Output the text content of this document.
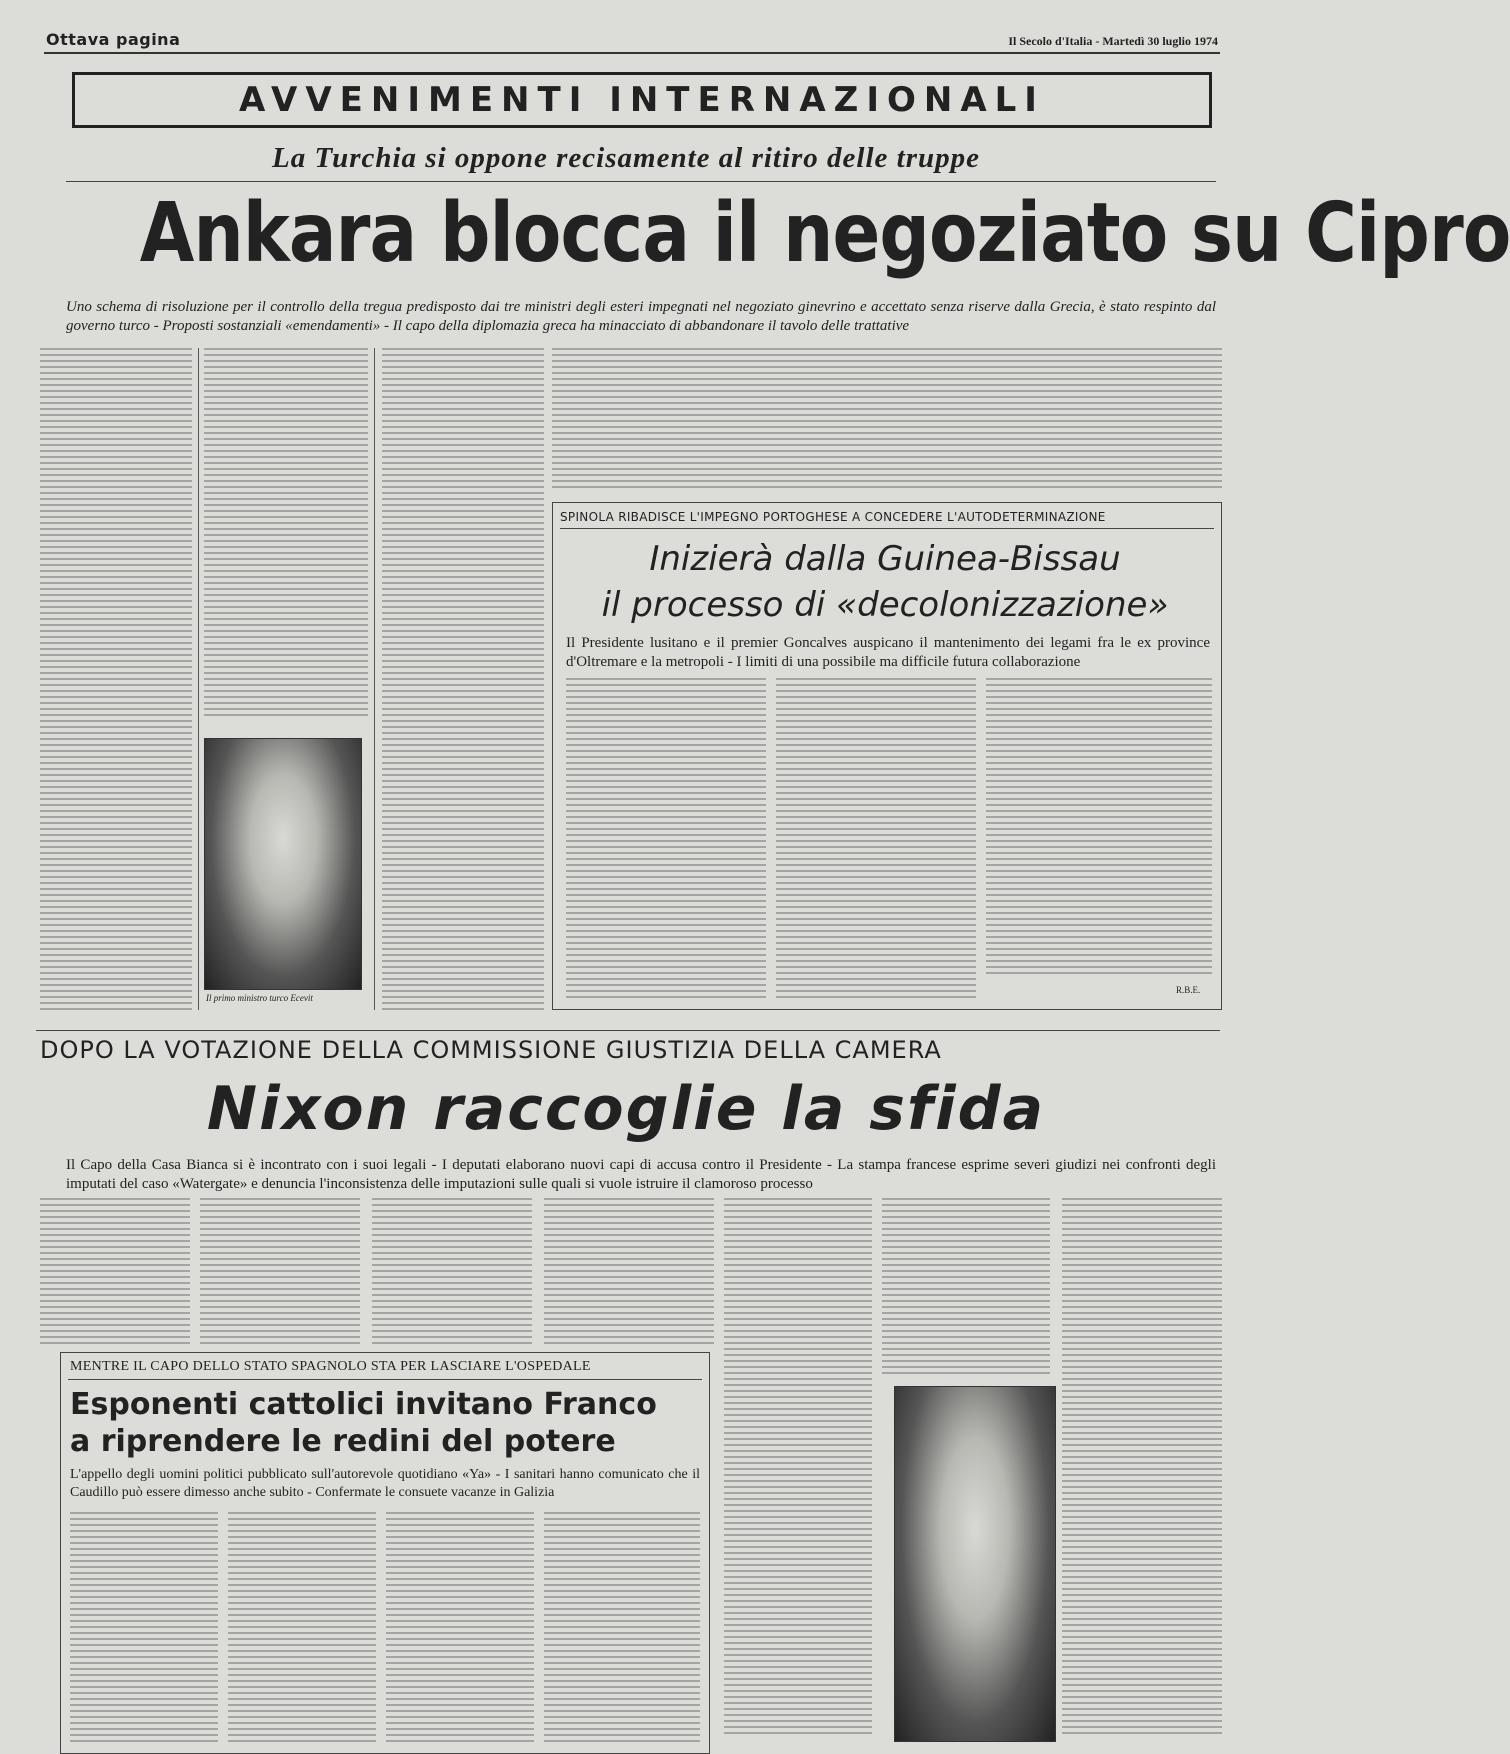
Ottava pagina	Il Secolo d'Italia - Martedì 30 luglio 1974
AVVENIMENTI INTERNAZIONALI
La Turchia si oppone recisamente al ritiro delle truppe
Ankara blocca il negoziato su Cipro
Uno schema di risoluzione per il controllo della tregua predisposto dai tre ministri degli esteri impegnati nel negoziato ginevrino e accettato senza riserve dalla Grecia, è stato respinto dal governo turco - Proposti sostanziali «emendamenti» - Il capo della diplomazia greca ha minacciato di abbandonare il tavolo delle trattative
Il primo ministro turco Ecevit
SPINOLA RIBADISCE L'IMPEGNO PORTOGHESE A CONCEDERE L'AUTODETERMINAZIONE
Inizierà dalla Guinea-Bissau
il processo di «decolonizzazione»
Il Presidente lusitano e il premier Goncalves auspicano il mantenimento dei legami fra le ex province d'Oltremare e la metropoli - I limiti di una possibile ma difficile futura collaborazione
R.B.E.
DOPO LA VOTAZIONE DELLA COMMISSIONE GIUSTIZIA DELLA CAMERA
Nixon raccoglie la sfida
Il Capo della Casa Bianca si è incontrato con i suoi legali - I deputati elaborano nuovi capi di accusa contro il Presidente - La stampa francese esprime severi giudizi nei confronti degli imputati del caso «Watergate» e denuncia l'inconsistenza delle imputazioni sulle quali si vuole istruire il clamoroso processo
MENTRE IL CAPO DELLO STATO SPAGNOLO STA PER LASCIARE L'OSPEDALE
Esponenti cattolici invitano Franco
a riprendere le redini del potere
L'appello degli uomini politici pubblicato sull'autorevole quotidiano «Ya» - I sanitari hanno comunicato che il Caudillo può essere dimesso anche subito - Confermate le consuete vacanze in Galizia
